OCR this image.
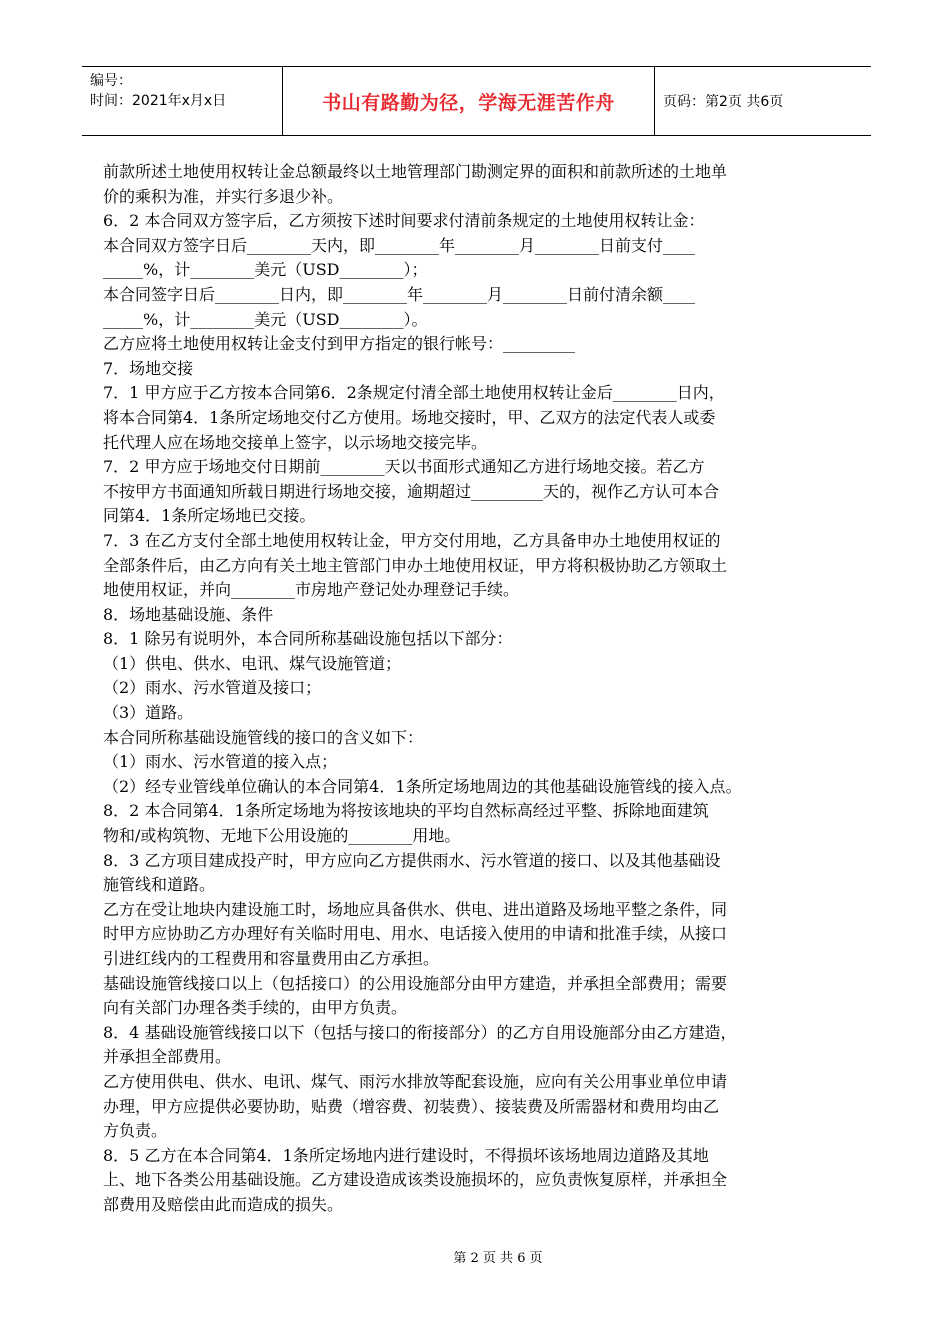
编号：
时间：2021年x月x日	书山有路勤为径，学海无涯苦作舟	页码：第2页 共6页

前款所述土地使用权转让金总额最终以土地管理部门勘测定界的面积和前款所述的土地单

价的乘积为准，并实行多退少补。

6．2 本合同双方签字后，乙方须按下述时间要求付清前条规定的土地使用权转让金：

本合同双方签字日后________天内，即________年________月________日前支付____

_____%，计________美元（USD________）；

本合同签字日后________日内，即________年________月________日前付清余额____

_____%，计________美元（USD________）。

乙方应将土地使用权转让金支付到甲方指定的银行帐号：_________

7．场地交接

7．1 甲方应于乙方按本合同第6．2条规定付清全部土地使用权转让金后________日内，

将本合同第4．1条所定场地交付乙方使用。场地交接时，甲、乙双方的法定代表人或委

托代理人应在场地交接单上签字，以示场地交接完毕。

7．2 甲方应于场地交付日期前________天以书面形式通知乙方进行场地交接。若乙方

不按甲方书面通知所载日期进行场地交接，逾期超过_________天的，视作乙方认可本合

同第4．1条所定场地已交接。

7．3 在乙方支付全部土地使用权转让金，甲方交付用地，乙方具备申办土地使用权证的

全部条件后，由乙方向有关土地主管部门申办土地使用权证，甲方将积极协助乙方领取土

地使用权证，并向________市房地产登记处办理登记手续。

8．场地基础设施、条件

8．1 除另有说明外，本合同所称基础设施包括以下部分：

（1）供电、供水、电讯、煤气设施管道；

（2）雨水、污水管道及接口；

（3）道路。

本合同所称基础设施管线的接口的含义如下：

（1）雨水、污水管道的接入点；

（2）经专业管线单位确认的本合同第4．1条所定场地周边的其他基础设施管线的接入点。

8．2 本合同第4．1条所定场地为将按该地块的平均自然标高经过平整、拆除地面建筑

物和/或构筑物、无地下公用设施的________用地。

8．3 乙方项目建成投产时，甲方应向乙方提供雨水、污水管道的接口、以及其他基础设

施管线和道路。

乙方在受让地块内建设施工时，场地应具备供水、供电、进出道路及场地平整之条件，同

时甲方应协助乙方办理好有关临时用电、用水、电话接入使用的申请和批准手续，从接口

引进红线内的工程费用和容量费用由乙方承担。

基础设施管线接口以上（包括接口）的公用设施部分由甲方建造，并承担全部费用；需要

向有关部门办理各类手续的，由甲方负责。

8．4 基础设施管线接口以下（包括与接口的衔接部分）的乙方自用设施部分由乙方建造，

并承担全部费用。

乙方使用供电、供水、电讯、煤气、雨污水排放等配套设施，应向有关公用事业单位申请

办理，甲方应提供必要协助，贴费（增容费、初装费）、接装费及所需器材和费用均由乙

方负责。

8．5 乙方在本合同第4．1条所定场地内进行建设时，不得损坏该场地周边道路及其地

上、地下各类公用基础设施。乙方建设造成该类设施损坏的，应负责恢复原样，并承担全

部费用及赔偿由此而造成的损失。

第 2 页 共 6 页
